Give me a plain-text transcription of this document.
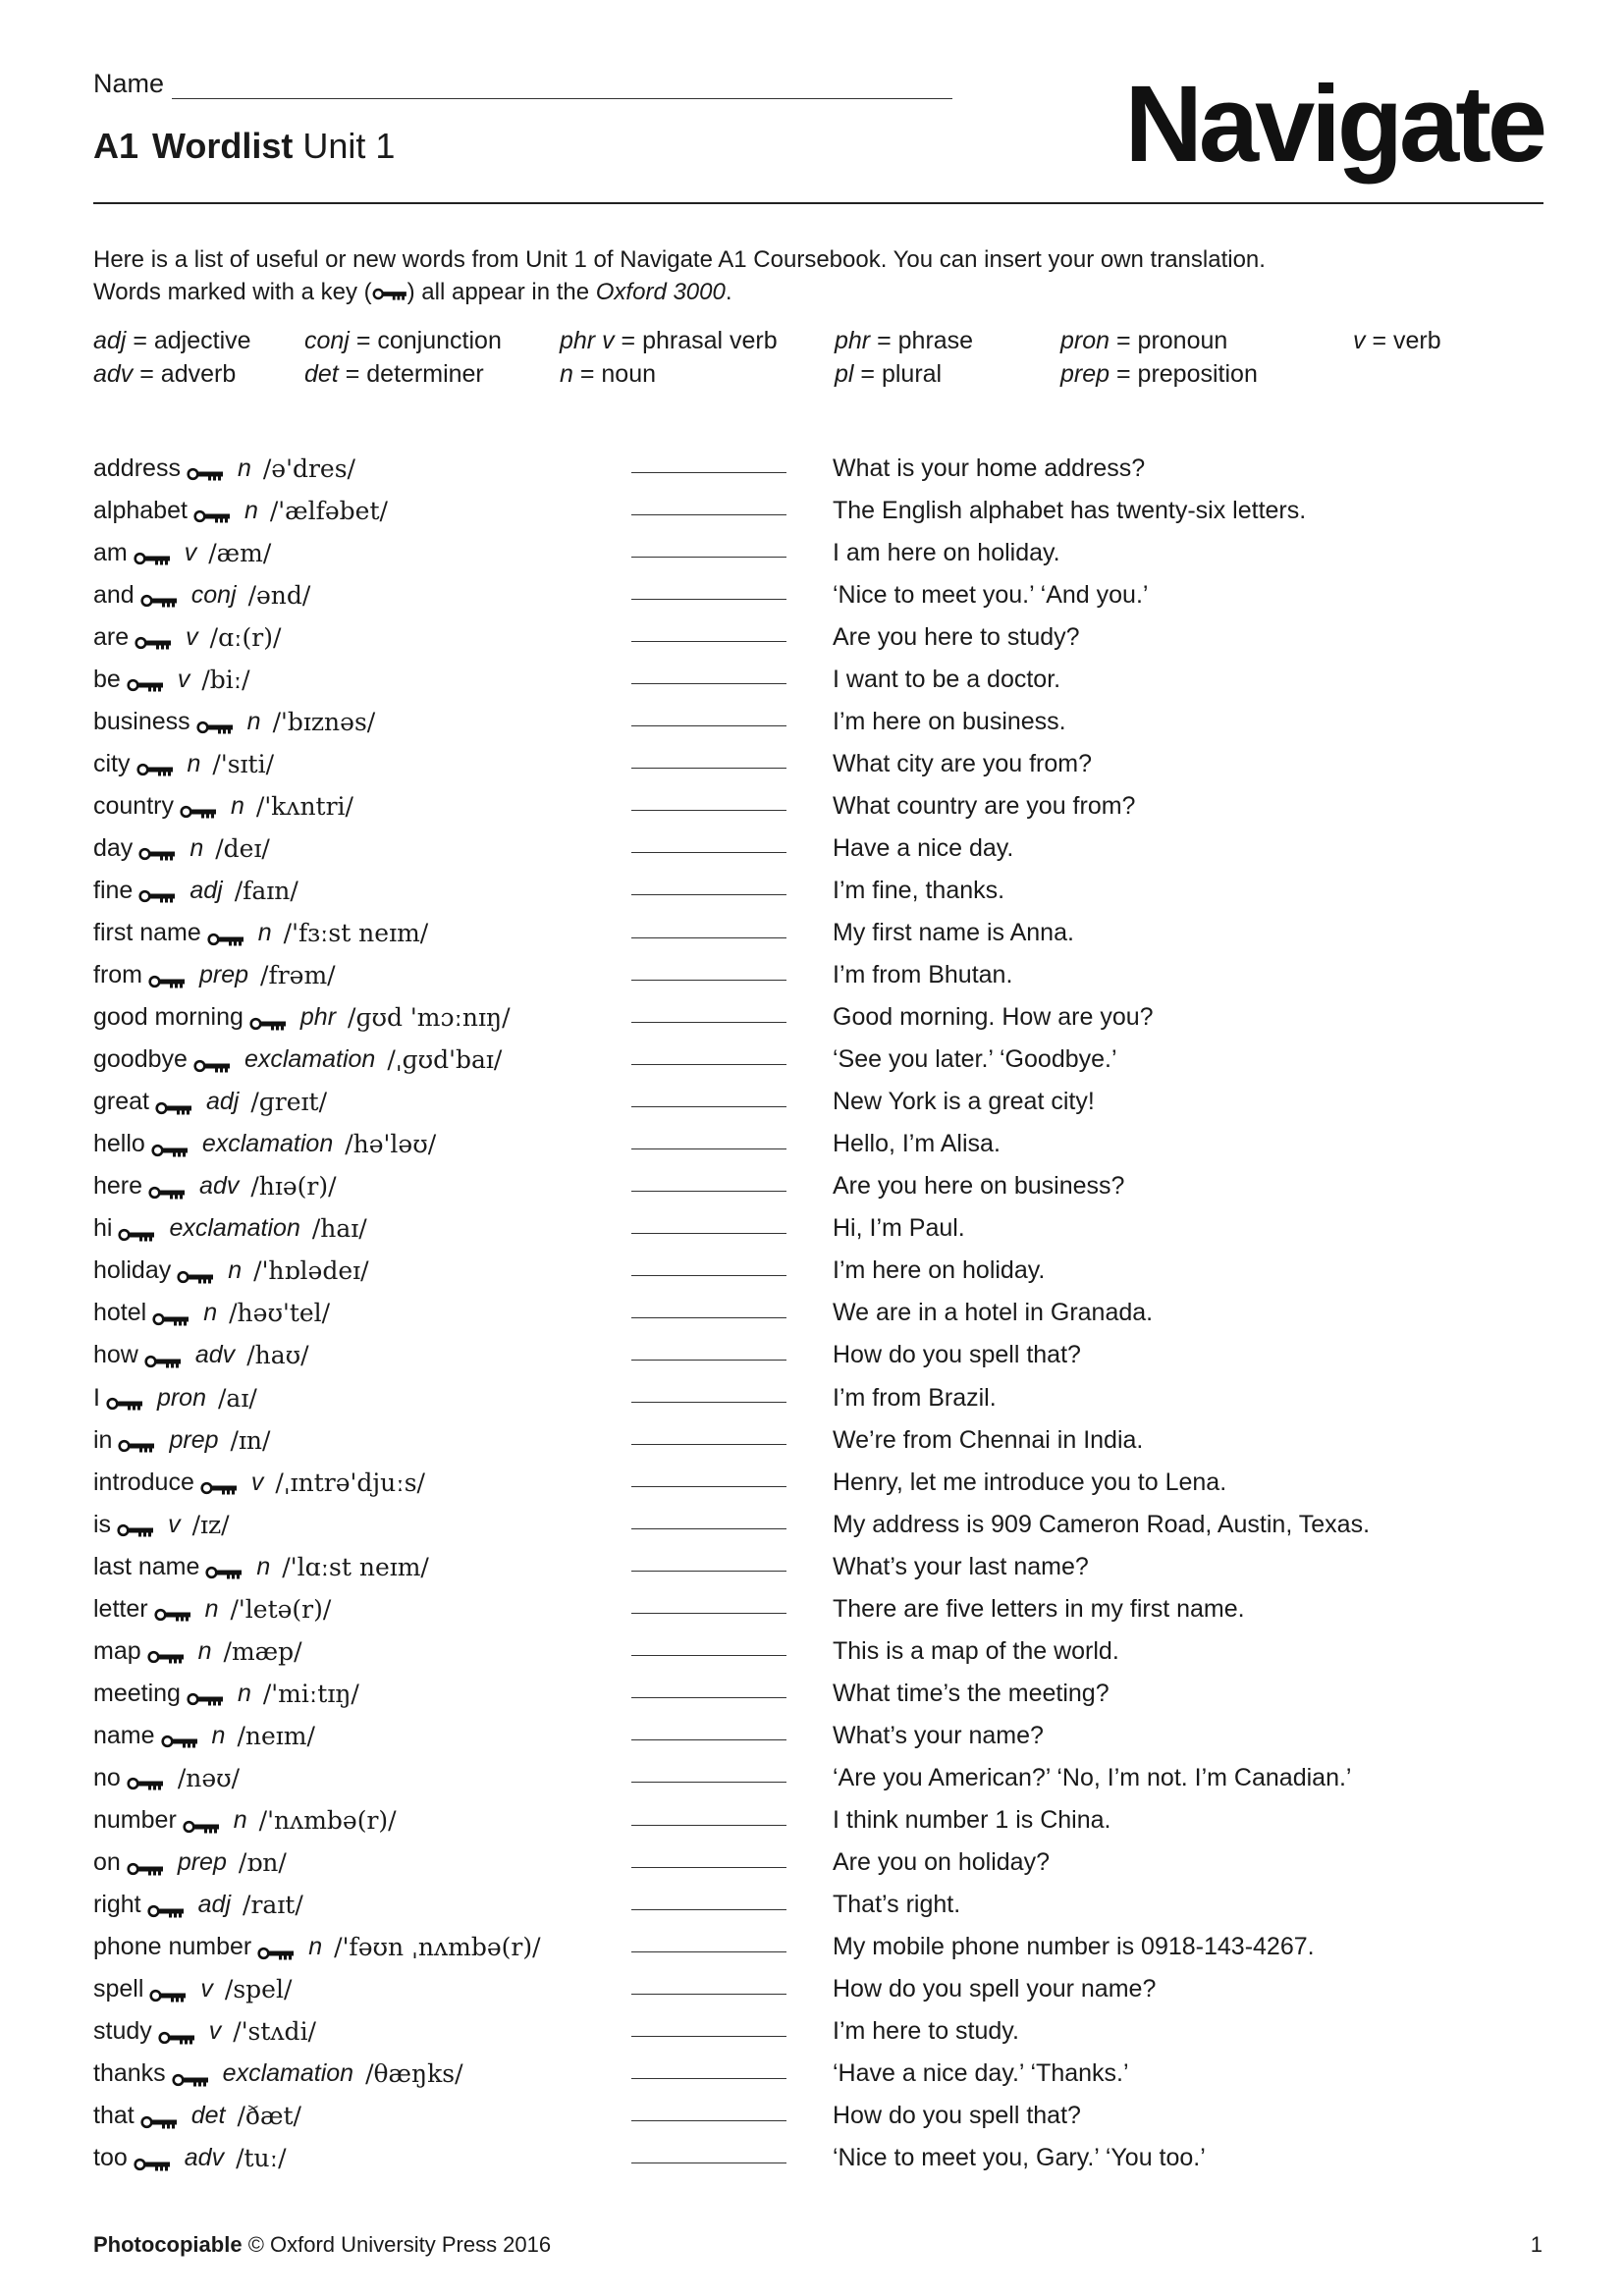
Name
A1 Wordlist Unit 1	Navigate
Here is a list of useful or new words from Unit 1 of Navigate A1 Coursebook. You can insert your own translation.
Words marked with a key ( ) all appear in the Oxford 3000.
adj = adjective conj = conjunction phr v = phrasal verb phr = phrase	pron = pronoun	v = verb
adv = adverb	det = determiner	n = noun	pl = plural	prep = preposition
address n /ə'dres/	What is your home address?
alphabet n /'ælfəbet/	The English alphabet has twenty-six letters.
am v /æm/	I am here on holiday.
and conj /ənd/	‘Nice to meet you.’ ‘And you.’
are v /ɑː(r)/	Are you here to study?
be v /biː/	I want to be a doctor.
business n /'bɪznəs/	I’m here on business.
city n /'sɪti/	What city are you from?
country n /'kʌntri/	What country are you from?
day n /deɪ/	Have a nice day.
fine adj /faɪn/	I’m fine, thanks.
first name n /'fɜːst neɪm/	My first name is Anna.
from prep /frəm/	I’m from Bhutan.
good morning phr /ɡʊd 'mɔːnɪŋ/	Good morning. How are you?
goodbye exclamation /ˌɡʊd'baɪ/	‘See you later.’ ‘Goodbye.’
great adj /ɡreɪt/	New York is a great city!
hello exclamation /hə'ləʊ/	Hello, I’m Alisa.
here adv /hɪə(r)/	Are you here on business?
hi exclamation /haɪ/	Hi, I’m Paul.
holiday n /'hɒlədeɪ/	I’m here on holiday.
hotel n /həʊ'tel/	We are in a hotel in Granada.
how adv /haʊ/	How do you spell that?
I pron /aɪ/	I’m from Brazil.
in prep /ɪn/	We’re from Chennai in India.
introduce v /ˌɪntrə'djuːs/	Henry, let me introduce you to Lena.
is v /ɪz/	My address is 909 Cameron Road, Austin, Texas.
last name n /'lɑːst neɪm/	What’s your last name?
letter n /'letə(r)/	There are five letters in my first name.
map n /mæp/	This is a map of the world.
meeting n /'miːtɪŋ/	What time’s the meeting?
name n /neɪm/	What’s your name?
no /nəʊ/	‘Are you American?’ ‘No, I’m not. I’m Canadian.’
number n /'nʌmbə(r)/	I think number 1 is China.
on prep /ɒn/	Are you on holiday?
right adj /raɪt/	That’s right.
phone number n /'fəʊn ˌnʌmbə(r)/	My mobile phone number is 0918-143-4267.
spell v /spel/	How do you spell your name?
study v /'stʌdi/	I’m here to study.
thanks exclamation /θæŋks/	‘Have a nice day.’ ‘Thanks.’
that det /ðæt/	How do you spell that?
too adv /tuː/	‘Nice to meet you, Gary.’ ‘You too.’
Photocopiable © Oxford University Press 2016	1
